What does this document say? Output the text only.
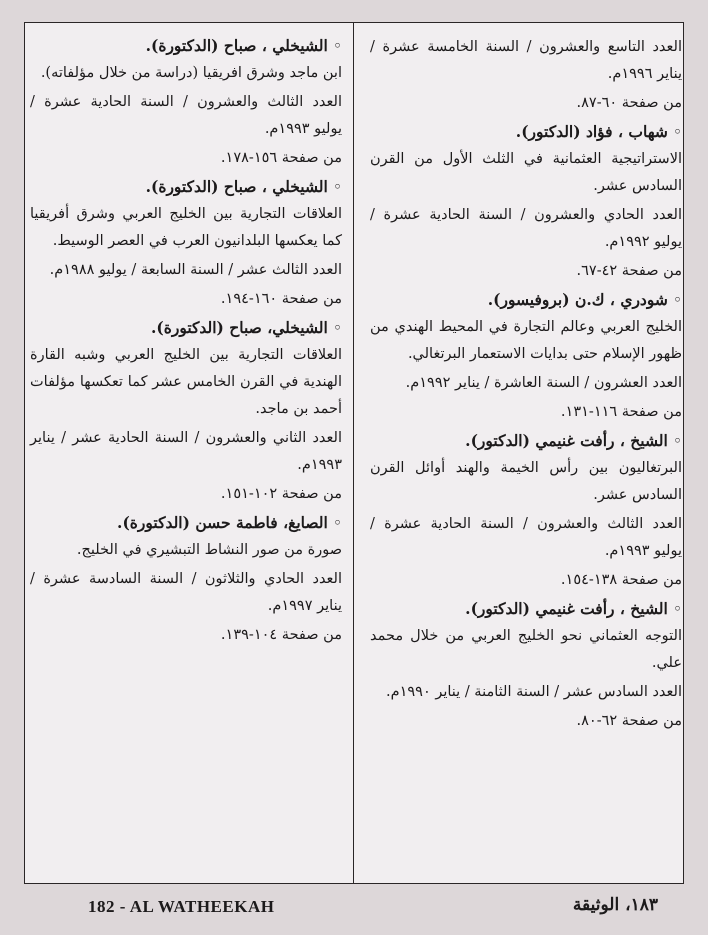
العدد التاسع والعشرون / السنة الخامسة عشرة / يناير ١٩٩٦م.
من صفحة ٦٠-٨٧.
◦شهاب ، فؤاد (الدكتور).
الاستراتيجية العثمانية في الثلث الأول من القرن السادس عشر.
العدد الحادي والعشرون / السنة الحادية عشرة / يوليو ١٩٩٢م.
من صفحة ٤٢-٦٧.
◦شودري ، ك.ن (بروفيسور).
الخليج العربي وعالم التجارة في المحيط الهندي من ظهور الإسلام حتى بدايات الاستعمار البرتغالي.
العدد العشرون / السنة العاشرة / يناير ١٩٩٢م.
من صفحة ١١٦-١٣١.
◦الشيخ ، رأفت غنيمي (الدكتور).
البرتغاليون بين رأس الخيمة والهند أوائل القرن السادس عشر.
العدد الثالث والعشرون / السنة الحادية عشرة / يوليو ١٩٩٣م.
من صفحة ١٣٨-١٥٤.
◦الشيخ ، رأفت غنيمي (الدكتور).
التوجه العثماني نحو الخليج العربي من خلال محمد علي.
العدد السادس عشر / السنة الثامنة / يناير ١٩٩٠م.
من صفحة ٦٢-٨٠.
◦الشيخلي ، صباح (الدكتورة).
ابن ماجد وشرق افريقيا (دراسة من خلال مؤلفاته).
العدد الثالث والعشرون / السنة الحادية عشرة / يوليو ١٩٩٣م.
من صفحة ١٥٦-١٧٨.
◦الشيخلي ، صباح (الدكتورة).
العلاقات التجارية بين الخليج العربي وشرق أفريقيا كما يعكسها البلدانيون العرب في العصر الوسيط.
العدد الثالث عشر / السنة السابعة / يوليو ١٩٨٨م.
من صفحة ١٦٠-١٩٤.
◦الشيخلي، صباح (الدكتورة).
العلاقات التجارية بين الخليج العربي وشبه القارة الهندية في القرن الخامس عشر كما تعكسها مؤلفات أحمد بن ماجد.
العدد الثاني والعشرون / السنة الحادية عشر / يناير ١٩٩٣م.
من صفحة ١٠٢-١٥١.
◦الصايغ، فاطمة حسن (الدكتورة).
صورة من صور النشاط التبشيري في الخليج.
العدد الحادي والثلاثون / السنة السادسة عشرة / يناير ١٩٩٧م.
من صفحة ١٠٤-١٣٩.
182 - AL WATHEEKAH	١٨٣، الوثيقة
